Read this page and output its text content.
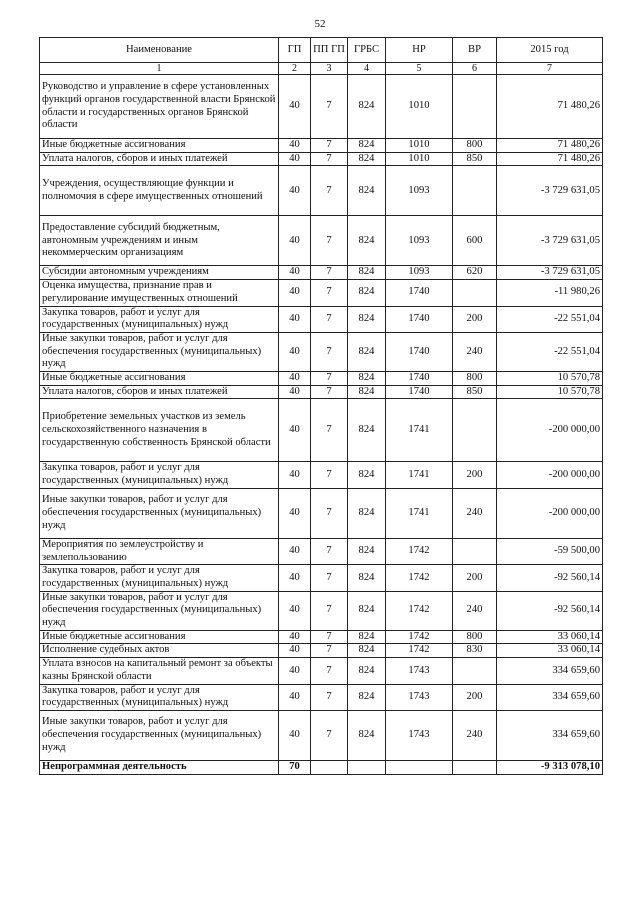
52
Наименование	ГП	ПП ГП	ГРБС	НР	ВР	2015 год
1	2	3	4	5	6	7
Руководство и управление в сфере установленных функций органов государственной власти Брянской области и государственных органов Брянской области	40	7	824	1010		71 480,26
Иные бюджетные ассигнования	40	7	824	1010	800	71 480,26
Уплата налогов, сборов и иных платежей	40	7	824	1010	850	71 480,26
Учреждения, осуществляющие функции и полномочия в сфере имущественных отношений	40	7	824	1093		-3 729 631,05
Предоставление субсидий бюджетным, автономным учреждениям и иным некоммерческим организациям	40	7	824	1093	600	-3 729 631,05
Субсидии автономным учреждениям	40	7	824	1093	620	-3 729 631,05
Оценка имущества, признание прав и регулирование имущественных отношений	40	7	824	1740		-11 980,26
Закупка товаров, работ и услуг для государственных (муниципальных) нужд	40	7	824	1740	200	-22 551,04
Иные закупки товаров, работ и услуг для обеспечения государственных (муниципальных) нужд	40	7	824	1740	240	-22 551,04
Иные бюджетные ассигнования	40	7	824	1740	800	10 570,78
Уплата налогов, сборов и иных платежей	40	7	824	1740	850	10 570,78
Приобретение земельных участков из земель сельскохозяйственного назначения в государственную собственность Брянской области	40	7	824	1741		-200 000,00
Закупка товаров, работ и услуг для государственных (муниципальных) нужд	40	7	824	1741	200	-200 000,00
Иные закупки товаров, работ и услуг для обеспечения государственных (муниципальных) нужд	40	7	824	1741	240	-200 000,00
Мероприятия по землеустройству и землепользованию	40	7	824	1742		-59 500,00
Закупка товаров, работ и услуг для государственных (муниципальных) нужд	40	7	824	1742	200	-92 560,14
Иные закупки товаров, работ и услуг для обеспечения государственных (муниципальных) нужд	40	7	824	1742	240	-92 560,14
Иные бюджетные ассигнования	40	7	824	1742	800	33 060,14
Исполнение судебных актов	40	7	824	1742	830	33 060,14
Уплата взносов на капитальный ремонт за объекты казны Брянской области	40	7	824	1743		334 659,60
Закупка товаров, работ и услуг для государственных (муниципальных) нужд	40	7	824	1743	200	334 659,60
Иные закупки товаров, работ и услуг для обеспечения государственных (муниципальных) нужд	40	7	824	1743	240	334 659,60
Непрограммная деятельность	70					-9 313 078,10
